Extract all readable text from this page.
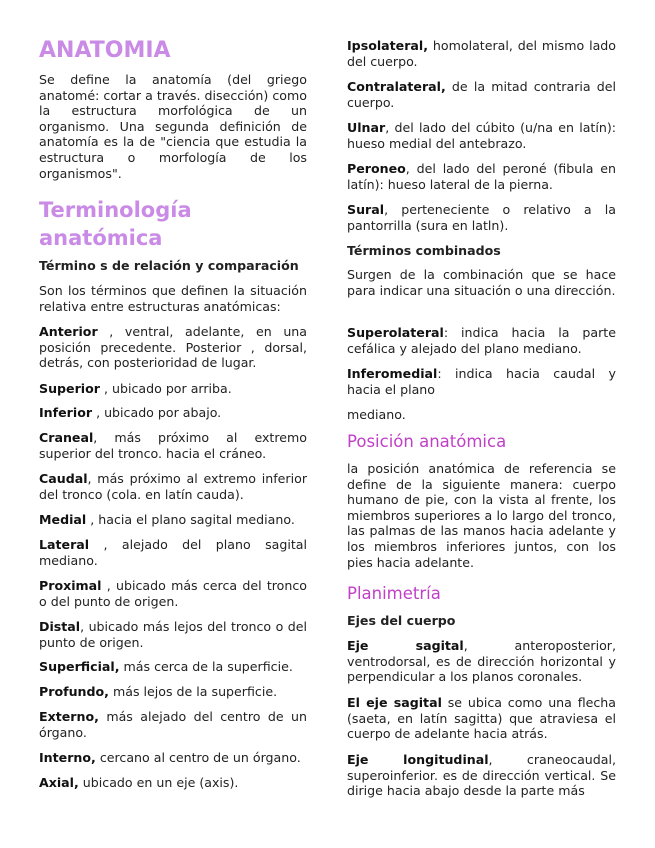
ANATOMIA

Se define la anatomía (del griego anatomé: cortar a través. disección) como la estructura morfológica de un organismo. Una segunda definición de anatomía es la de "ciencia que estudia la estructura o morfología de los organismos".

Terminología anatómica

Término s de relación y comparación

Son los términos que definen la situación relativa entre estructuras anatómicas:

Anterior , ventral, adelante, en una posición precedente. Posterior , dorsal, detrás, con posterioridad de lugar.

Superior , ubicado por arriba.

Inferior , ubicado por abajo.

Craneal, más próximo al extremo superior del tronco. hacia el cráneo.

Caudal, más próximo al extremo inferior del tronco (cola. en latín cauda).

Medial , hacia el plano sagital mediano.

Lateral , alejado del plano sagital mediano.

Proximal , ubicado más cerca del tronco o del punto de origen.

Distal, ubicado más lejos del tronco o del punto de origen.

Superficial, más cerca de la superficie.

Profundo, más lejos de la superficie.

Externo, más alejado del centro de un órgano.

Interno, cercano al centro de un órgano.

Axial, ubicado en un eje (axis).

Ipsolateral, homolateral, del mismo lado del cuerpo.

Contralateral, de la mitad contraria del cuerpo.

Ulnar, del lado del cúbito (u/na en latín): hueso medial del antebrazo.

Peroneo, del lado del peroné (fibula en latín): hueso lateral de la pierna.

Sural, perteneciente o relativo a la pantorrilla (sura en latln).

Términos combinados

Surgen de la combinación que se hace para indicar una situación o una dirección.

Superolateral: indica hacia la parte cefálica y alejado del plano mediano.

Inferomedial: indica hacia caudal y hacia el plano

mediano.

Posición anatómica

la posición anatómica de referencia se define de la siguiente manera: cuerpo humano de pie, con la vista al frente, los miembros superiores a lo largo del tronco, las palmas de las manos hacia adelante y los miembros inferiores juntos, con los pies hacia adelante.

Planimetría

Ejes del cuerpo

Eje sagital, anteroposterior, ventrodorsal, es de dirección horizontal y perpendicular a los planos coronales.

El eje sagital se ubica como una flecha (saeta, en latín sagitta) que atraviesa el cuerpo de adelante hacia atrás.

Eje longitudinal, craneocaudal, superoinferior. es de dirección vertical. Se dirige hacia abajo desde la parte más
